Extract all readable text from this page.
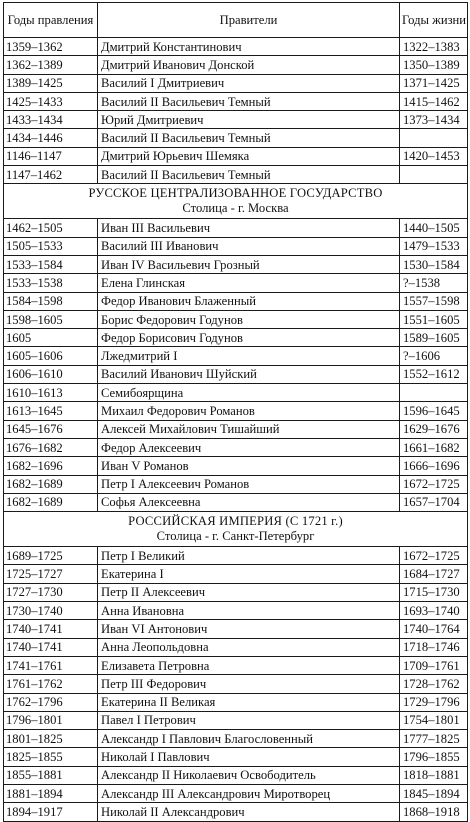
Годы правления	Правители	Годы жизни
1359–1362	Дмитрий Константинович	1322–1383
1362–1389	Дмитрий Иванович Донской	1350–1389
1389–1425	Василий I Дмитриевич	1371–1425
1425–1433	Василий II Васильевич Темный	1415–1462
1433–1434	Юрий Дмитриевич	1373–1434
1434–1446	Василий II Васильевич Темный	
1146–1147	Дмитрий Юрьевич Шемяка	1420–1453
1147–1462	Василий II Васильевич Темный	

РУССКОЕ ЦЕНТРАЛИЗОВАННОЕ ГОСУДАРСТВО
Столица - г. Москва		

1462–1505	Иван III Васильевич	1440–1505
1505–1533	Василий III Иванович	1479–1533
1533–1584	Иван IV Васильевич Грозный	1530–1584
1533–1538	Елена Глинская	?–1538
1584–1598	Федор Иванович Блаженный	1557–1598
1598–1605	Борис Федорович Годунов	1551–1605
1605	Федор Борисович Годунов	1589–1605
1605–1606	Лжедмитрий I	?–1606
1606–1610	Василий Иванович Шуйский	1552–1612
1610–1613	Семибоярщина	
1613–1645	Михаил Федорович Романов	1596–1645
1645–1676	Алексей Михайлович Тишайший	1629–1676
1676–1682	Федор Алексеевич	1661–1682
1682–1696	Иван V Романов	1666–1696
1682–1689	Петр I Алексеевич Романов	1672–1725
1682–1689	Софья Алексеевна	1657–1704

РОССИЙСКАЯ ИМПЕРИЯ (С 1721 г.)
Столица - г. Санкт-Петербург		

1689–1725	Петр I Великий	1672–1725
1725–1727	Екатерина I	1684–1727
1727–1730	Петр II Алексеевич	1715–1730
1730–1740	Анна Ивановна	1693–1740
1740–1741	Иван VI Антонович	1740–1764
1740–1741	Анна Леопольдовна	1718–1746
1741–1761	Елизавета Петровна	1709–1761
1761–1762	Петр III Федорович	1728–1762
1762–1796	Екатерина II Великая	1729–1796
1796–1801	Павел I Петрович	1754–1801
1801–1825	Александр I Павлович Благословенный	1777–1825
1825–1855	Николай I Павлович	1796–1855
1855–1881	Александр II Николаевич Освободитель	1818–1881
1881–1894	Александр III Александрович Миротворец	1845–1894
1894–1917	Николай II Александрович	1868–1918
